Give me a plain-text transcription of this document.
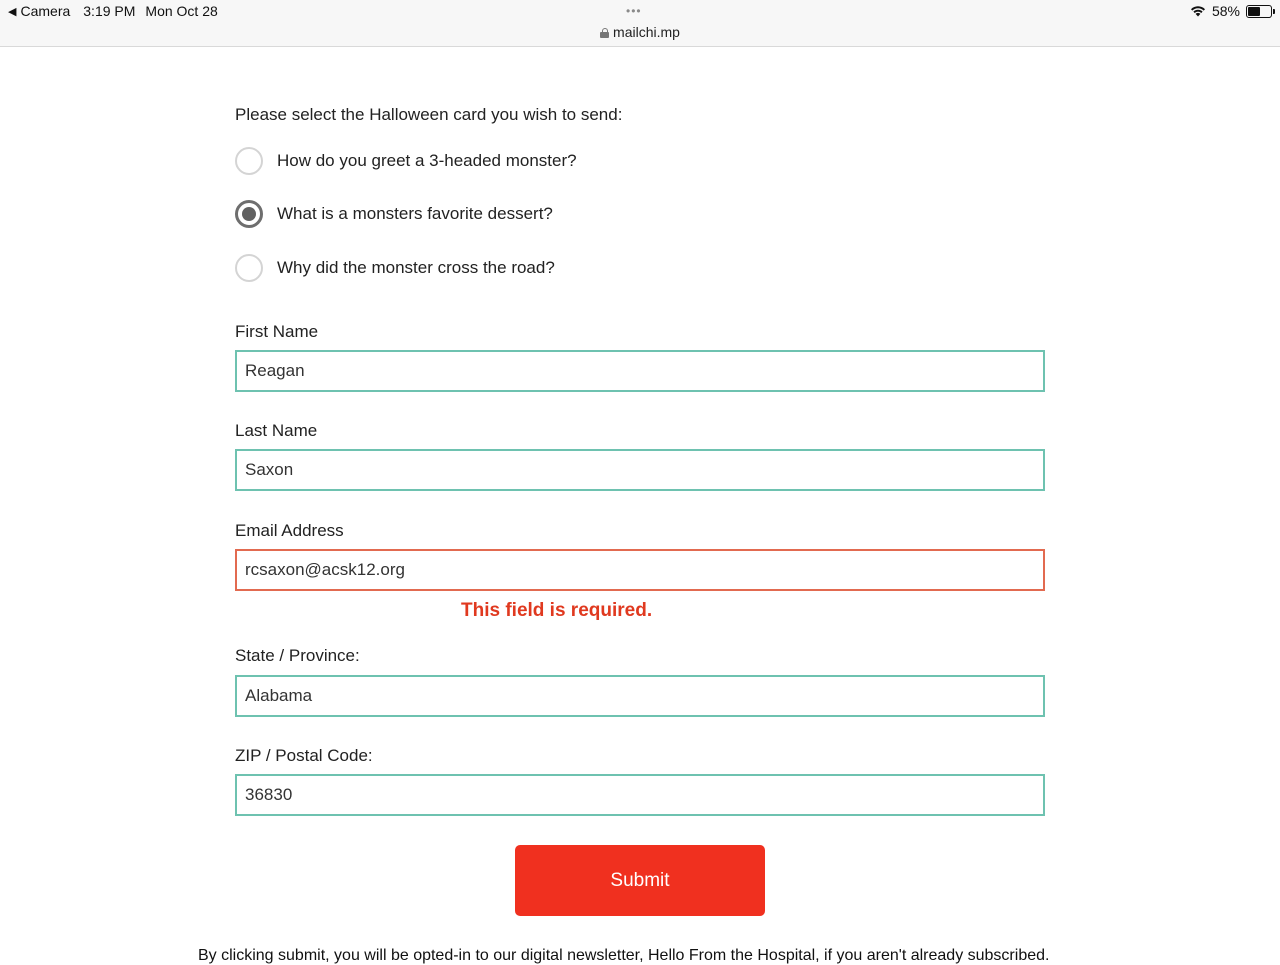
◀ Camera 3:19 PM Mon Oct 28	•••
mailchi.mp
58%
Please select the Halloween card you wish to send:
How do you greet a 3-headed monster?
What is a monsters favorite dessert?
Why did the monster cross the road?
First Name
Reagan
Last Name
Saxon
Email Address
rcsaxon@acsk12.org
This field is required.
State / Province:
Alabama
ZIP / Postal Code:
36830
Submit
By clicking submit, you will be opted-in to our digital newsletter, Hello From the Hospital, if you aren't already subscribed.
